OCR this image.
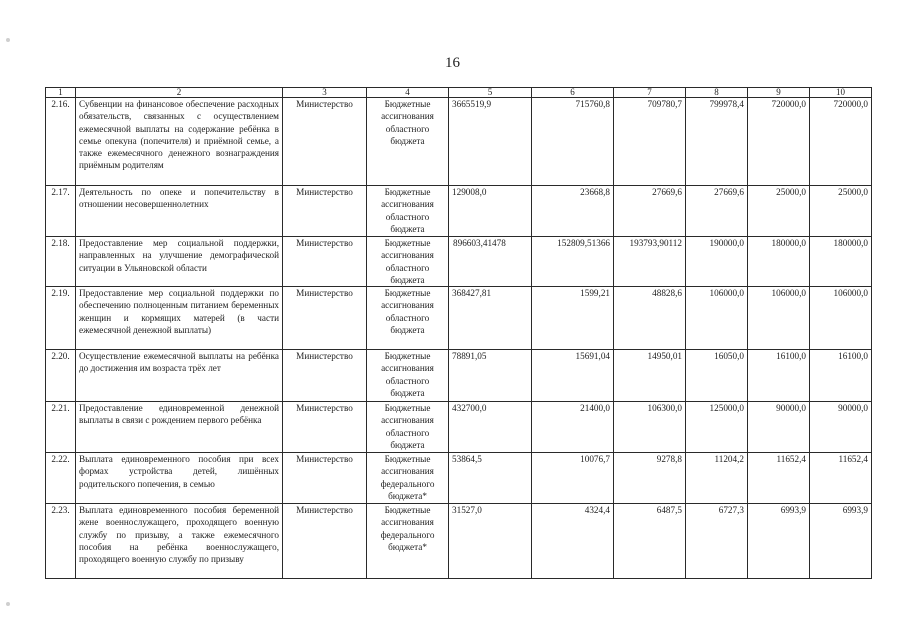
16
1	2	3	4	5	6	7	8	9	10
2.16.	Субвенции на финансовое обеспечение расходных обязательств, связанных с осуществлением ежемесячной выплаты на содержание ребёнка в семье опекуна (попечителя) и приёмной семье, а также ежемесячного денежного вознаграждения приёмным родителям	Министерство	Бюджетные ассигнования областного бюджета	3665519,9	715760,8	709780,7	799978,4	720000,0	720000,0
2.17.	Деятельность по опеке и попечительству в отношении несовершеннолетних	Министерство	Бюджетные ассигнования областного бюджета	129008,0	23668,8	27669,6	27669,6	25000,0	25000,0
2.18.	Предоставление мер социальной поддержки, направленных на улучшение демографической ситуации в Ульяновской области	Министерство	Бюджетные ассигнования областного бюджета	896603,41478	152809,51366	193793,90112	190000,0	180000,0	180000,0
2.19.	Предоставление мер социальной поддержки по обеспечению полноценным питанием беременных женщин и кормящих матерей (в части ежемесячной денежной выплаты)	Министерство	Бюджетные ассигнования областного бюджета	368427,81	1599,21	48828,6	106000,0	106000,0	106000,0
2.20.	Осуществление ежемесячной выплаты на ребёнка до достижения им возраста трёх лет	Министерство	Бюджетные ассигнования областного бюджета	78891,05	15691,04	14950,01	16050,0	16100,0	16100,0
2.21.	Предоставление единовременной денежной выплаты в связи с рождением первого ребёнка	Министерство	Бюджетные ассигнования областного бюджета	432700,0	21400,0	106300,0	125000,0	90000,0	90000,0
2.22.	Выплата единовременного пособия при всех формах устройства детей, лишённых родительского попечения, в семью	Министерство	Бюджетные ассигнования федерального бюджета*	53864,5	10076,7	9278,8	11204,2	11652,4	11652,4
2.23.	Выплата единовременного пособия беременной жене военнослужащего, проходящего военную службу по призыву, а также ежемесячного пособия на ребёнка военнослужащего, проходящего военную службу по призыву	Министерство	Бюджетные ассигнования федерального бюджета*	31527,0	4324,4	6487,5	6727,3	6993,9	6993,9
